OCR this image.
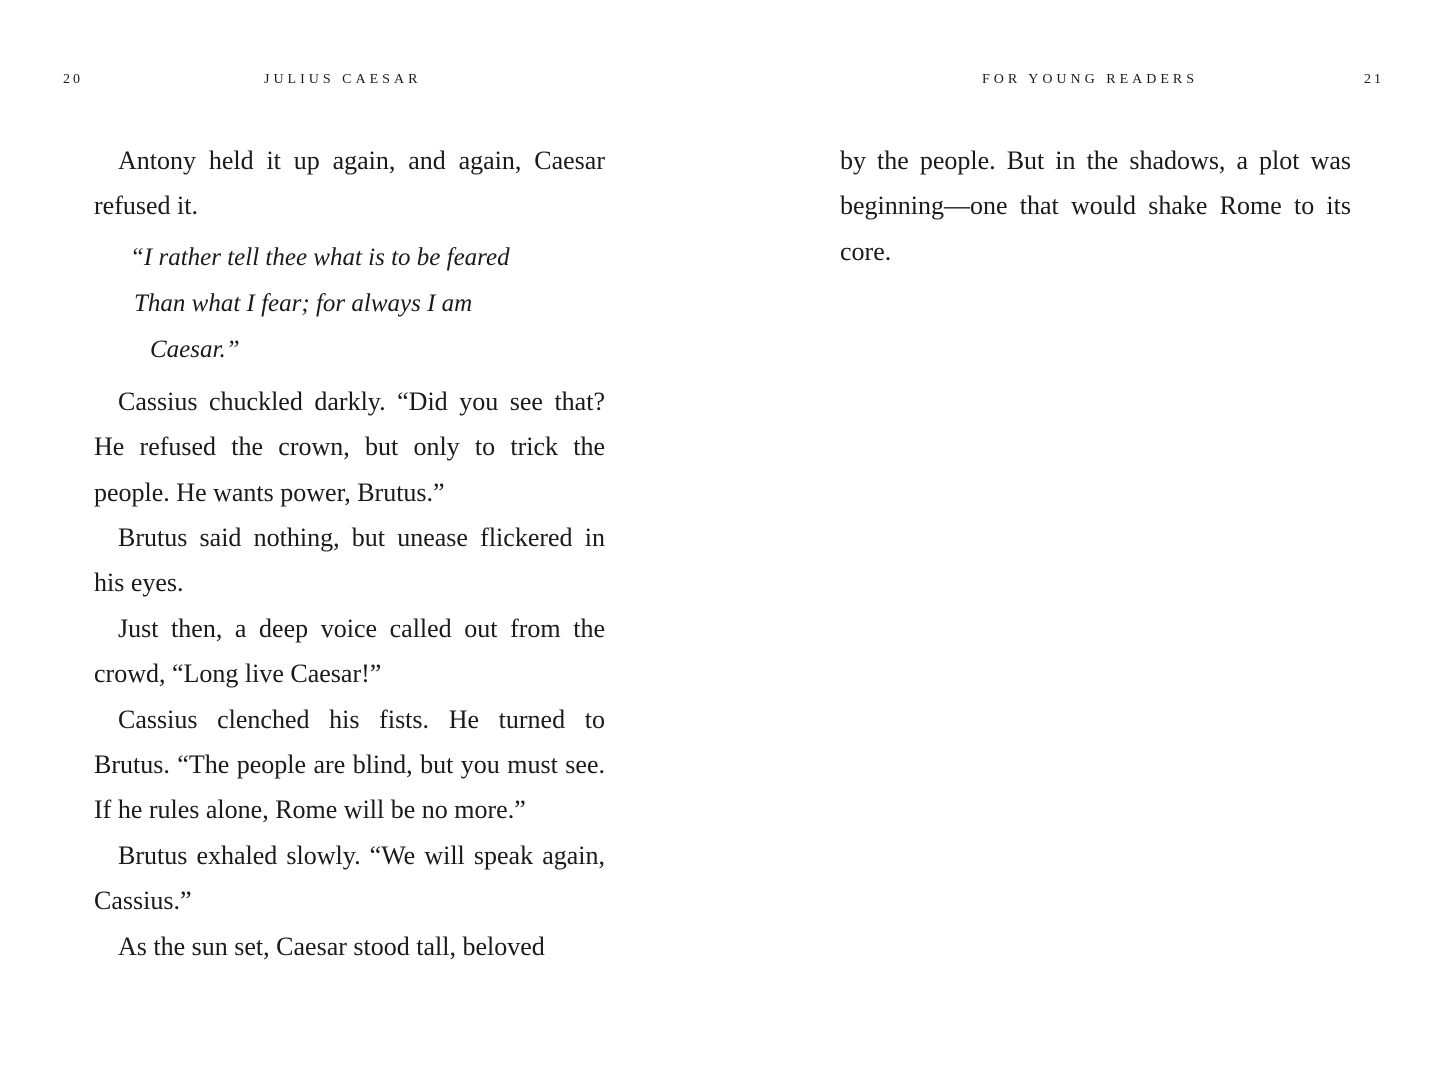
20	JULIUS CAESAR

Antony held it up again, and again, Caesar refused it.

“I rather tell thee what is to be feared
Than what I fear; for always I am
Caesar.”

Cassius chuckled darkly. “Did you see that? He refused the crown, but only to trick the people. He wants power, Brutus.”

Brutus said nothing, but unease flickered in his eyes.

Just then, a deep voice called out from the crowd, “Long live Caesar!”

Cassius clenched his fists. He turned to Brutus. “The people are blind, but you must see. If he rules alone, Rome will be no more.”

Brutus exhaled slowly. “We will speak again, Cassius.”

As the sun set, Caesar stood tall, beloved

FOR YOUNG READERS	21

by the people. But in the shadows, a plot was beginning—one that would shake Rome to its core.
